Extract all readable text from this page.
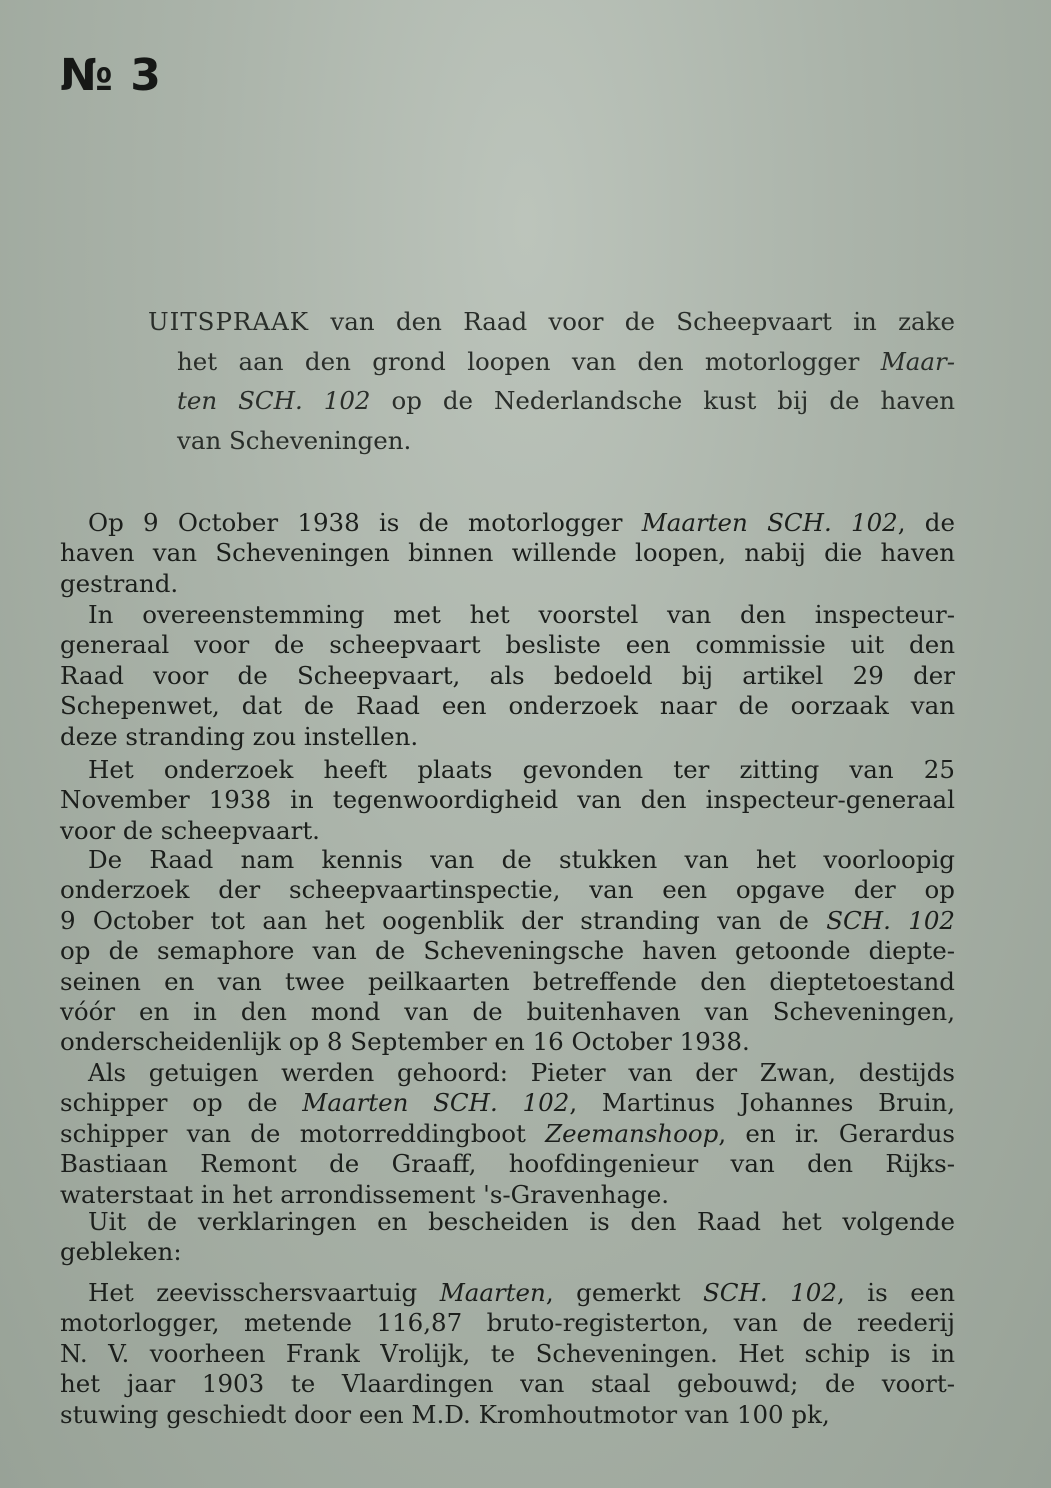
№ 3
UITSPRAAK van den Raad voor de Scheepvaart in zake
het aan den grond loopen van den motorlogger Maar-
ten SCH. 102 op de Nederlandsche kust bij de haven
van Scheveningen.
Op 9 October 1938 is de motorlogger Maarten SCH. 102, de
haven van Scheveningen binnen willende loopen, nabij die haven
gestrand.
In overeenstemming met het voorstel van den inspecteur-
generaal voor de scheepvaart besliste een commissie uit den
Raad voor de Scheepvaart, als bedoeld bij artikel 29 der
Schepenwet, dat de Raad een onderzoek naar de oorzaak van
deze stranding zou instellen.
Het onderzoek heeft plaats gevonden ter zitting van 25
November 1938 in tegenwoordigheid van den inspecteur-generaal
voor de scheepvaart.
De Raad nam kennis van de stukken van het voorloopig
onderzoek der scheepvaartinspectie, van een opgave der op
9 October tot aan het oogenblik der stranding van de SCH. 102
op de semaphore van de Scheveningsche haven getoonde diepte-
seinen en van twee peilkaarten betreffende den dieptetoestand
vóór en in den mond van de buitenhaven van Scheveningen,
onderscheidenlijk op 8 September en 16 October 1938.
Als getuigen werden gehoord: Pieter van der Zwan, destijds
schipper op de Maarten SCH. 102, Martinus Johannes Bruin,
schipper van de motorreddingboot Zeemanshoop, en ir. Gerardus
Bastiaan Remont de Graaff, hoofdingenieur van den Rijks-
waterstaat in het arrondissement 's-Gravenhage.
Uit de verklaringen en bescheiden is den Raad het volgende
gebleken:
Het zeevisschersvaartuig Maarten, gemerkt SCH. 102, is een
motorlogger, metende 116,87 bruto-registerton, van de reederij
N. V. voorheen Frank Vrolijk, te Scheveningen. Het schip is in
het jaar 1903 te Vlaardingen van staal gebouwd; de voort-
stuwing geschiedt door een M.D. Kromhoutmotor van 100 pk,
